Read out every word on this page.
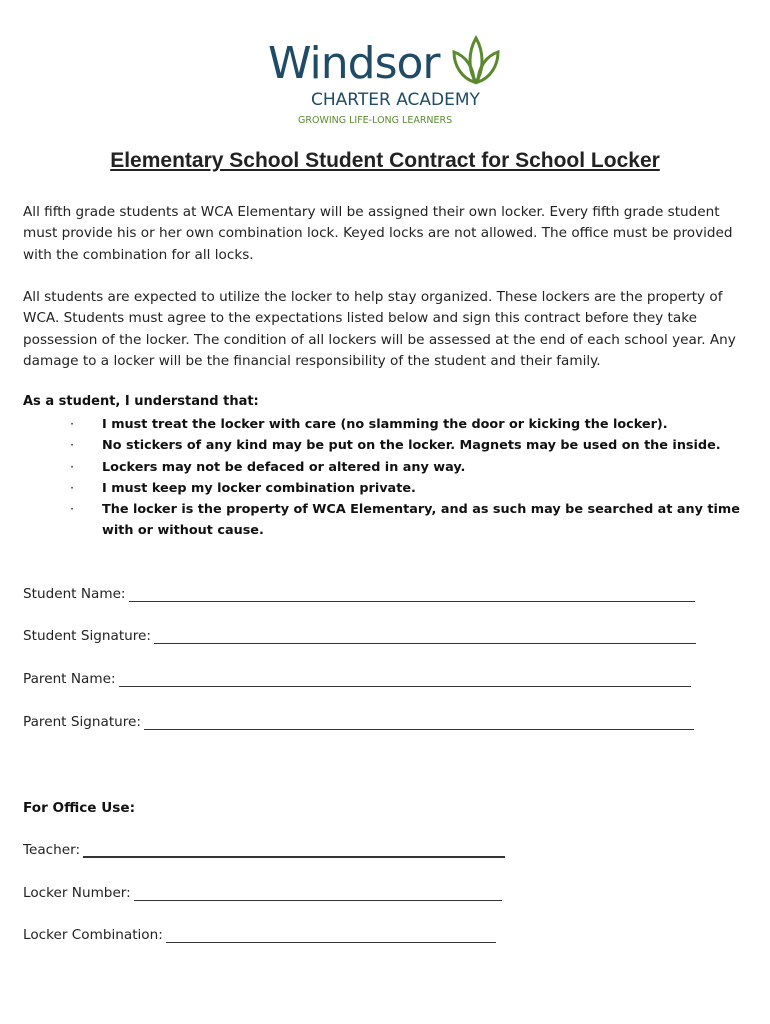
Windsor
CHARTER ACADEMY
GROWING LIFE-LONG LEARNERS
Elementary School Student Contract for School Locker
All fifth grade students at WCA Elementary will be assigned their own locker. Every fifth grade student must provide his or her own combination lock. Keyed locks are not allowed. The office must be provided with the combination for all locks.
All students are expected to utilize the locker to help stay organized. These lockers are the property of WCA. Students must agree to the expectations listed below and sign this contract before they take possession of the locker. The condition of all lockers will be assessed at the end of each school year. Any damage to a locker will be the financial responsibility of the student and their family.
As a student, I understand that:
· I must treat the locker with care (no slamming the door or kicking the locker).
· No stickers of any kind may be put on the locker. Magnets may be used on the inside.
· Lockers may not be defaced or altered in any way.
· I must keep my locker combination private.
· The locker is the property of WCA Elementary, and as such may be searched at any time with or without cause.
Student Name:
Student Signature:
Parent Name:
Parent Signature:
For Office Use:
Teacher:
Locker Number:
Locker Combination:
